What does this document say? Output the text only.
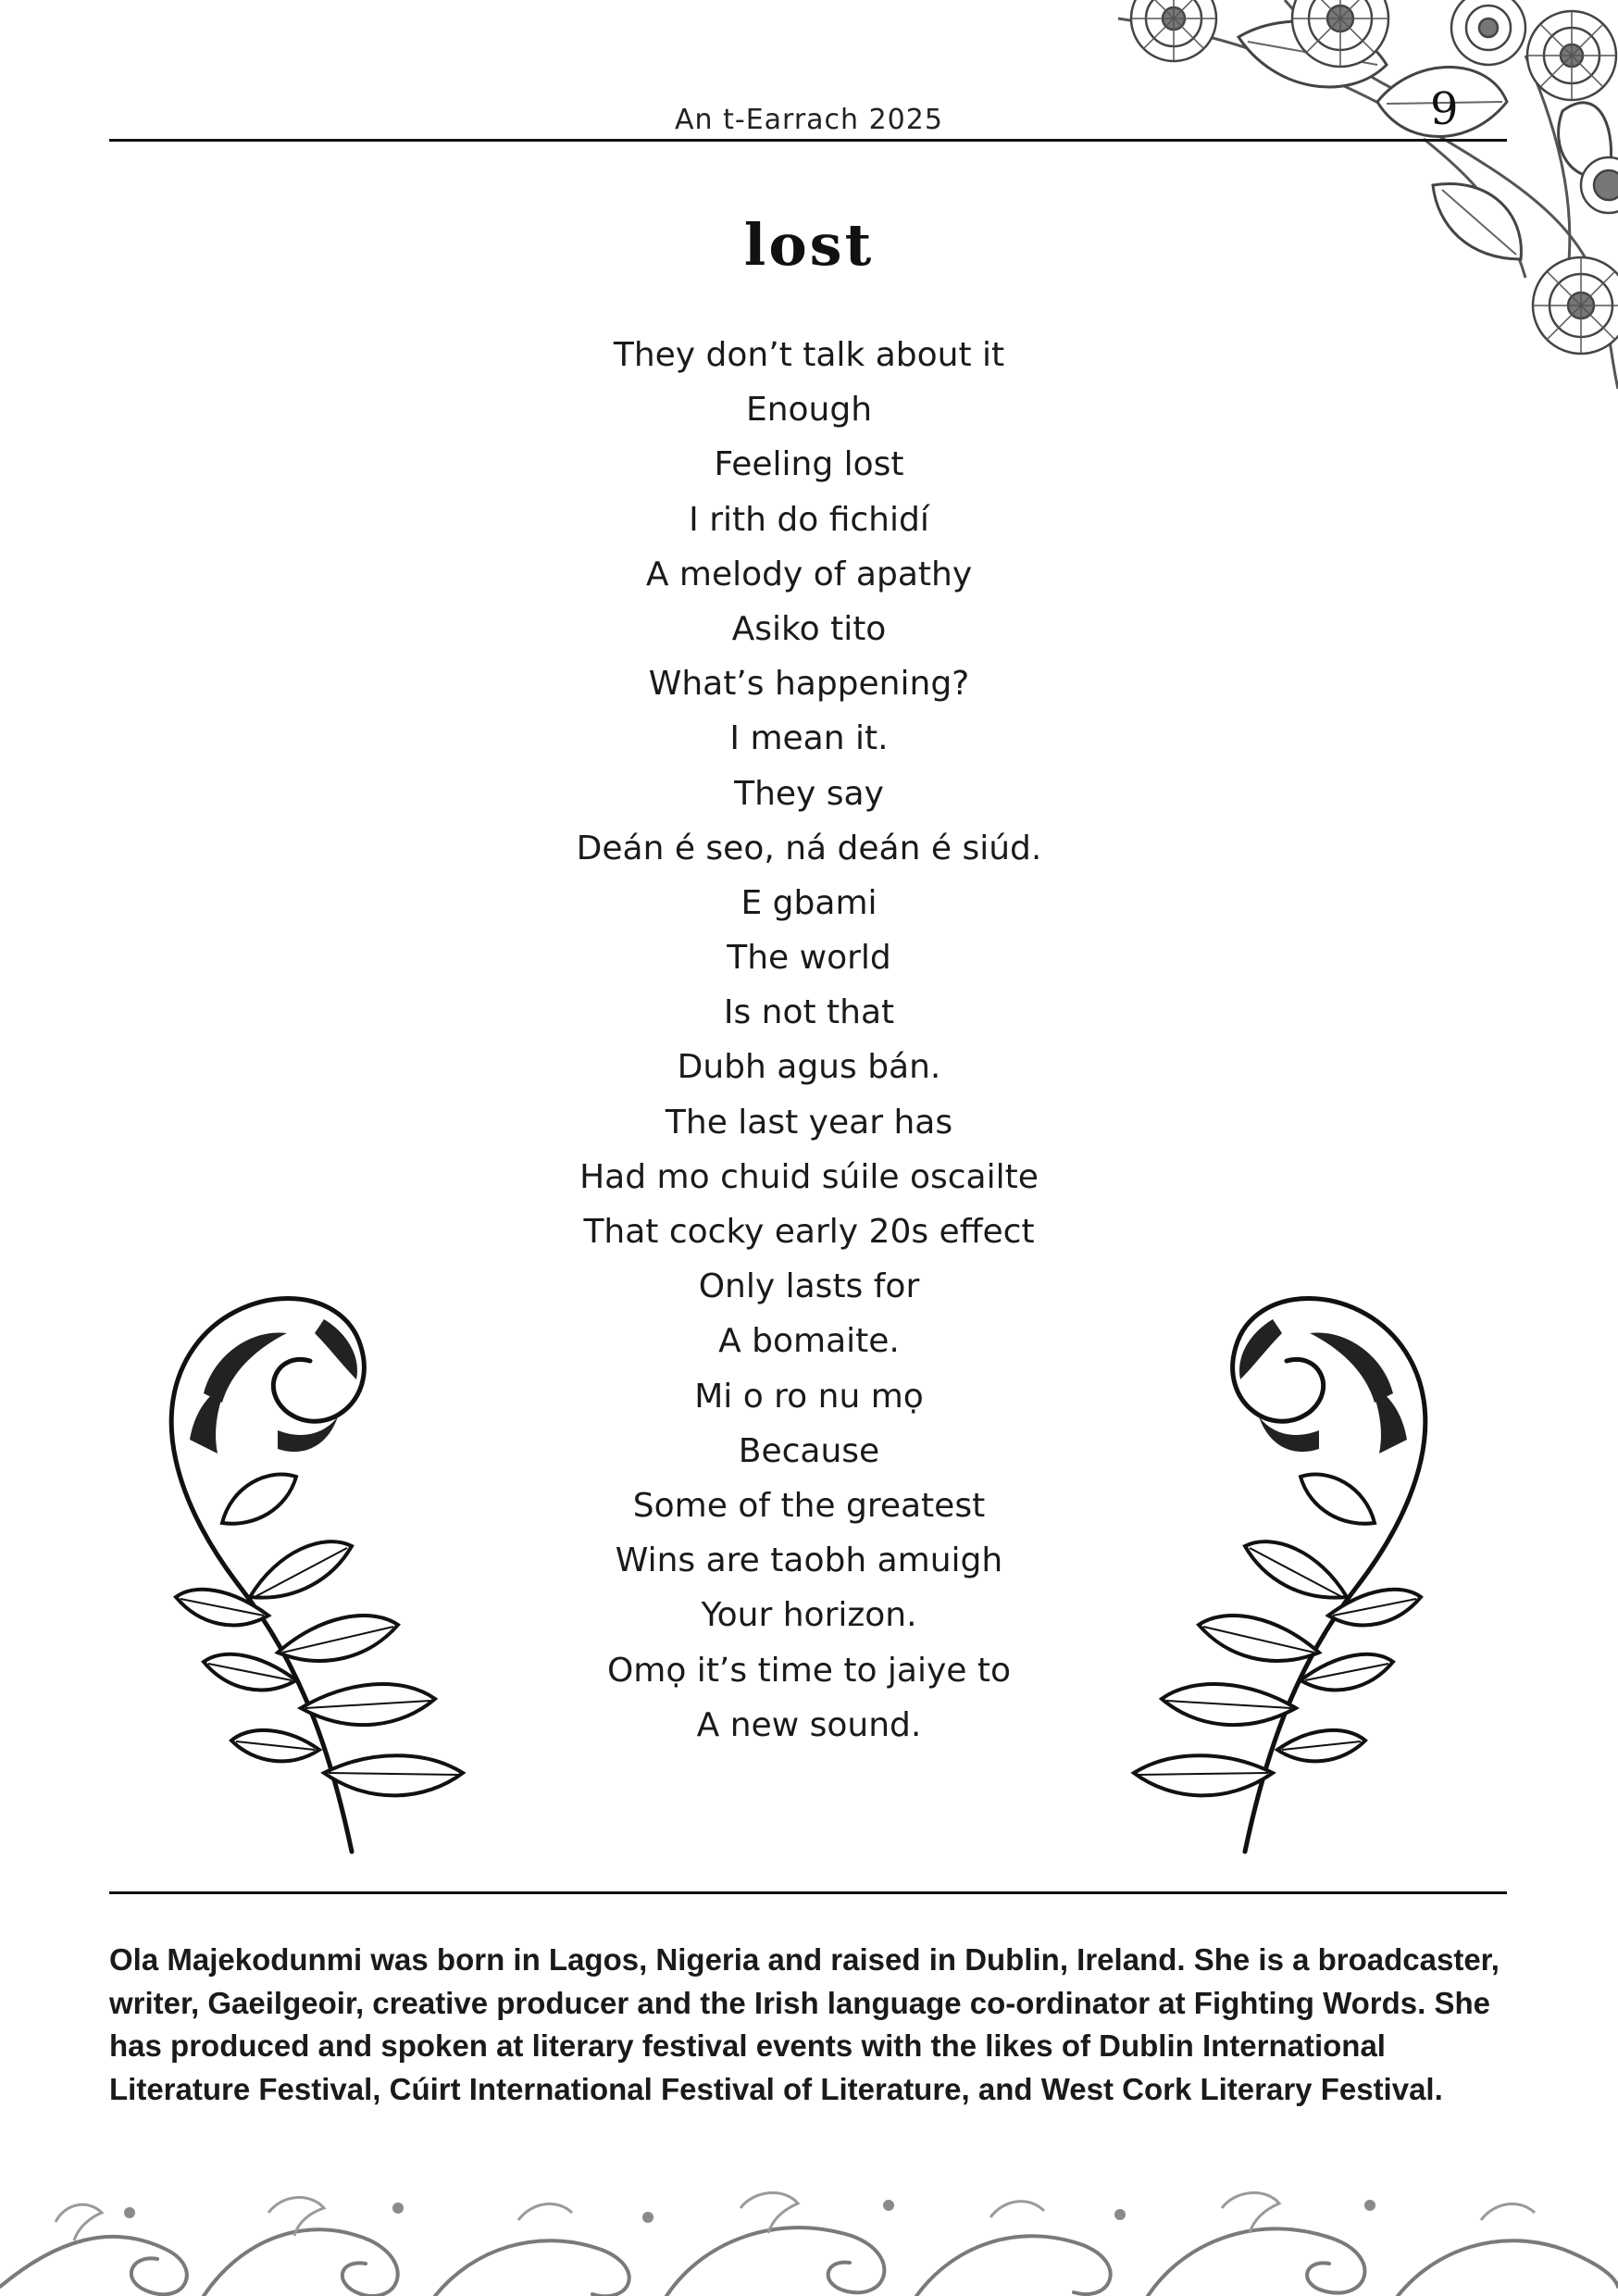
An t-Earrach 2025	9
lost
They don’t talk about it
Enough
Feeling lost
I rith do fichidí
A melody of apathy
Asiko tito
What’s happening?
I mean it.
They say
Deán é seo, ná deán é siúd.
E gbami
The world
Is not that
Dubh agus bán.
The last year has
Had mo chuid súile oscailte
That cocky early 20s effect
Only lasts for
A bomaite.
Mi o ro nu mọ
Because
Some of the greatest
Wins are taobh amuigh
Your horizon.
Omọ it’s time to jaiye to
A new sound.

Ola Majekodunmi was born in Lagos, Nigeria and raised in Dublin, Ireland. She is a broadcaster, writer, Gaeilgeoir, creative producer and the Irish language co-ordinator at Fighting Words. She has produced and spoken at literary festival events with the likes of Dublin International Literature Festival, Cúirt International Festival of Literature, and West Cork Literary Festival.
